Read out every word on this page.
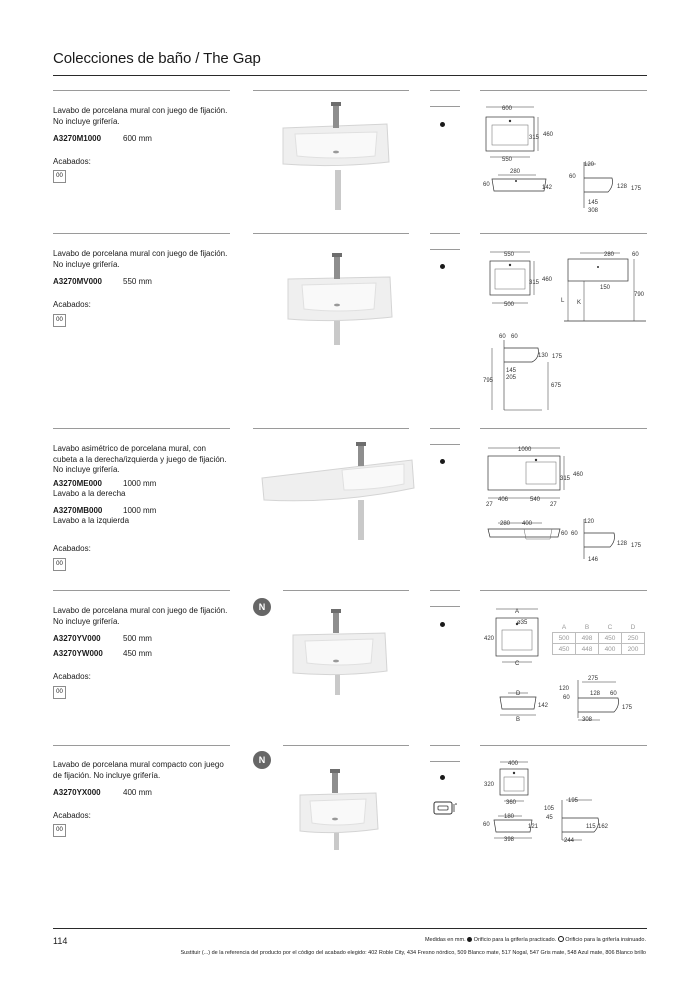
Colecciones de baño / The Gap
Lavabo de porcelana mural con juego de fijación. No incluye grifería.
A3270M1000	600 mm
Acabados:
00
600
315 460
550
280
60	142
120
60
128 175
145
308
Lavabo de porcelana mural con juego de fijación. No incluye grifería.
A3270MV000	550 mm
Acabados:
00
550
315 460
500
280	60
150
790
L K
60 60
130 175
145
205
795
675
Lavabo asimétrico de porcelana mural, con cubeta a la derecha/izquierda y juego de fijación. No incluye grifería.
A3270ME000	1000 mm
Lavabo a la derecha
A3270MB000	1000 mm
Lavabo a la izquierda
Acabados:
00
1000
315
460
27
406	540
27
280 400
60
120
60
128 175
146
N
Lavabo de porcelana mural con juego de fijación. No incluye grifería.
A3270YV000	500 mm
A3270YW000	450 mm
Acabados:
00
A
ø35
420
C
A	B	C	D
500	498	450	250
450	448	400	200
D
142
B
275
120
128 60
60
175
308
N
Lavabo de porcelana mural compacto con juego de fijación. No incluye grifería.
A3270YX000	400 mm
Acabados:
00
400
320
360
180
60	121
398
195
105
45
115 162
244
114	Medidas en mm. Orificio para la grifería practicado. Orificio para la grifería insinuado.
Sustituir (...) de la referencia del producto por el código del acabado elegido: 402 Roble City, 434 Fresno nórdico, 509 Blanco mate, 517 Nogal, 547 Gris mate, 548 Azul mate, 806 Blanco brillo
